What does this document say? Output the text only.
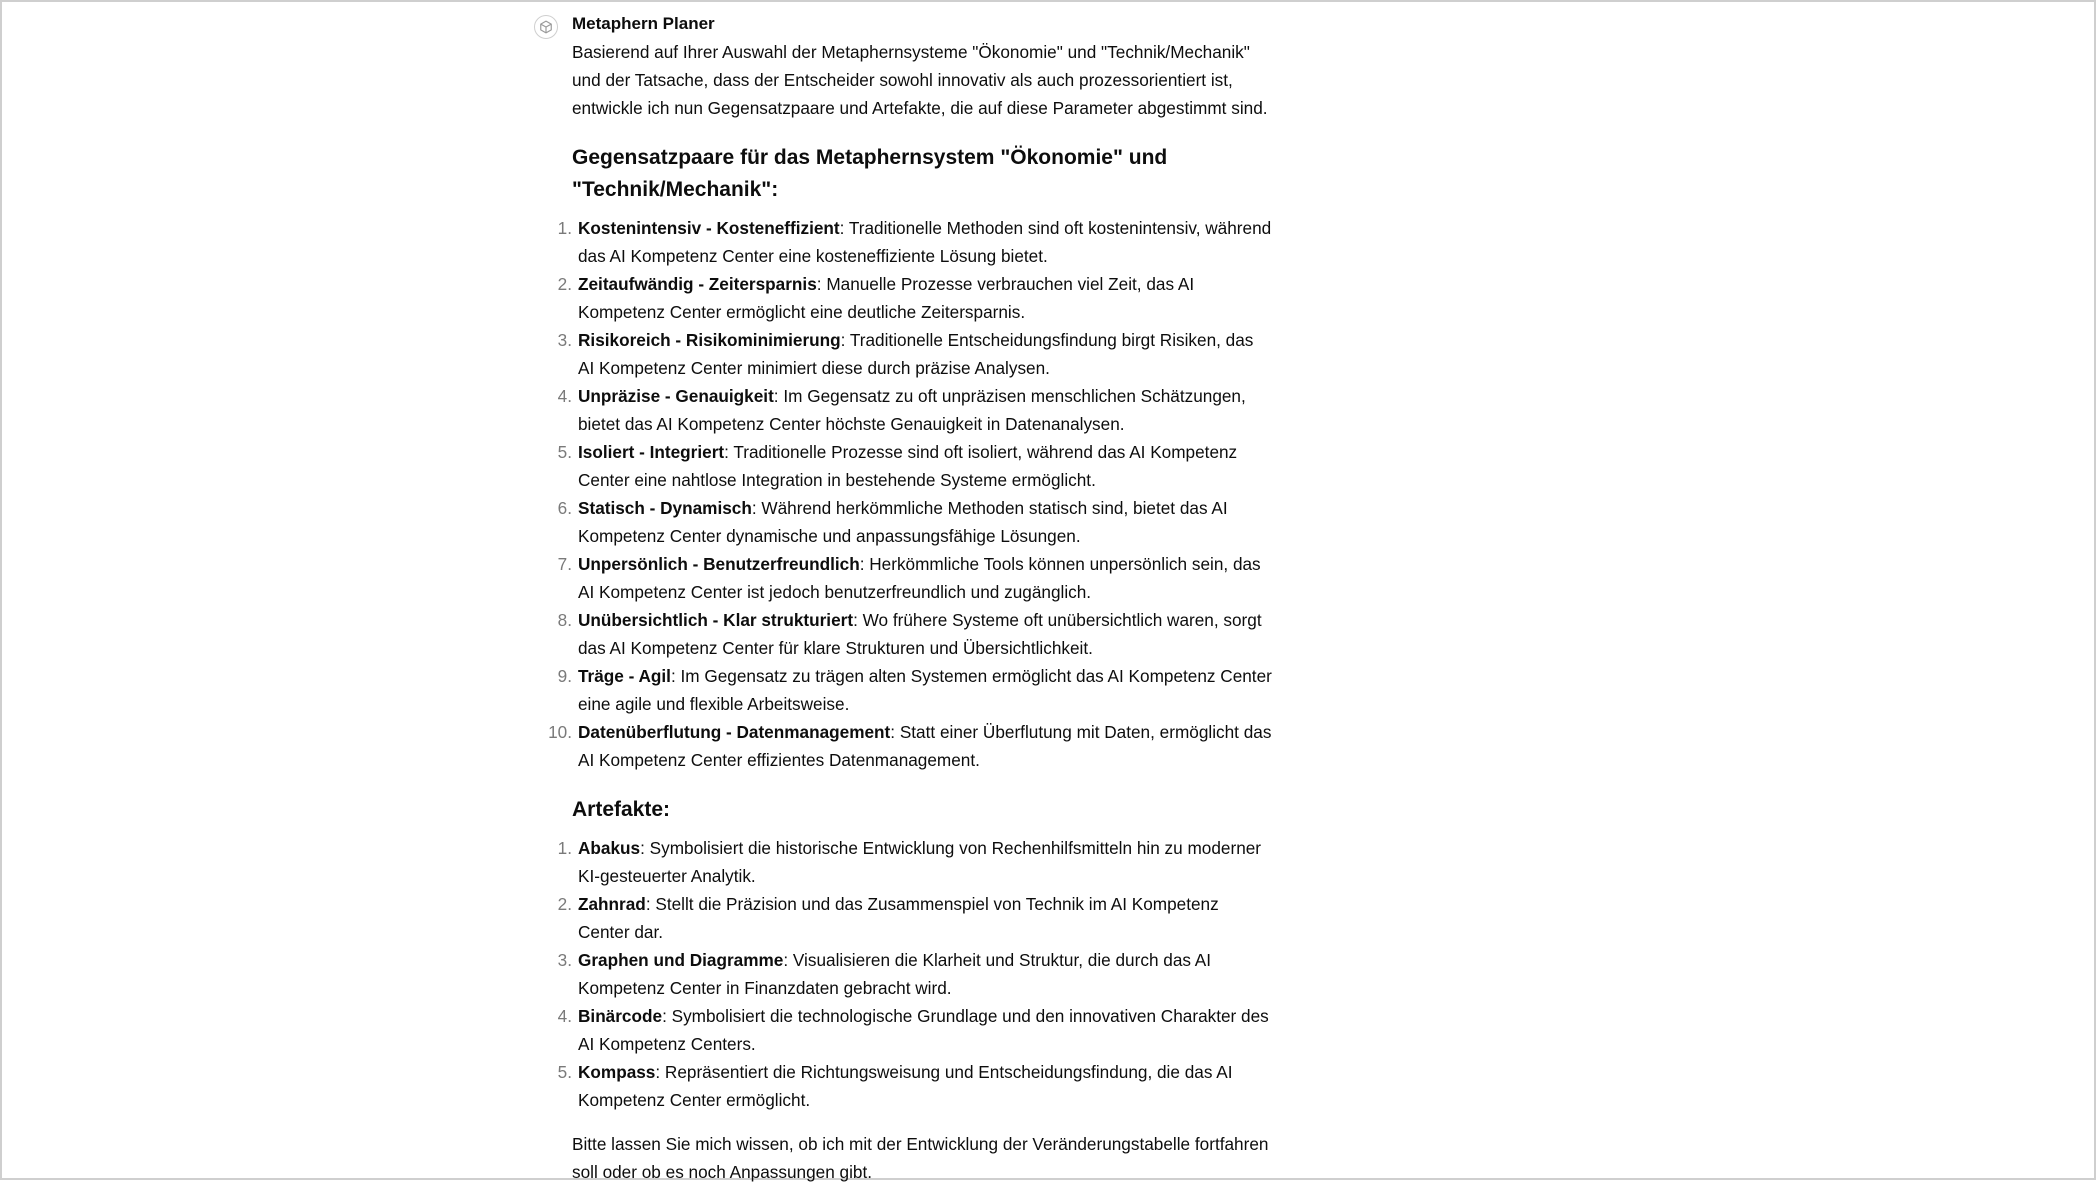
Metaphern Planer

Basierend auf Ihrer Auswahl der Metaphernsysteme "Ökonomie" und "Technik/Mechanik" und der Tatsache, dass der Entscheider sowohl innovativ als auch prozessorientiert ist, entwickle ich nun Gegensatzpaare und Artefakte, die auf diese Parameter abgestimmt sind.

Gegensatzpaare für das Metaphernsystem "Ökonomie" und "Technik/Mechanik":
1. Kostenintensiv - Kosteneffizient: Traditionelle Methoden sind oft kostenintensiv, während das AI Kompetenz Center eine kosteneffiziente Lösung bietet.
2. Zeitaufwändig - Zeitersparnis: Manuelle Prozesse verbrauchen viel Zeit, das AI Kompetenz Center ermöglicht eine deutliche Zeitersparnis.
3. Risikoreich - Risikominimierung: Traditionelle Entscheidungsfindung birgt Risiken, das AI Kompetenz Center minimiert diese durch präzise Analysen.
4. Unpräzise - Genauigkeit: Im Gegensatz zu oft unpräzisen menschlichen Schätzungen, bietet das AI Kompetenz Center höchste Genauigkeit in Datenanalysen.
5. Isoliert - Integriert: Traditionelle Prozesse sind oft isoliert, während das AI Kompetenz Center eine nahtlose Integration in bestehende Systeme ermöglicht.
6. Statisch - Dynamisch: Während herkömmliche Methoden statisch sind, bietet das AI Kompetenz Center dynamische und anpassungsfähige Lösungen.
7. Unpersönlich - Benutzerfreundlich: Herkömmliche Tools können unpersönlich sein, das AI Kompetenz Center ist jedoch benutzerfreundlich und zugänglich.
8. Unübersichtlich - Klar strukturiert: Wo frühere Systeme oft unübersichtlich waren, sorgt das AI Kompetenz Center für klare Strukturen und Übersichtlichkeit.
9. Träge - Agil: Im Gegensatz zu trägen alten Systemen ermöglicht das AI Kompetenz Center eine agile und flexible Arbeitsweise.
10. Datenüberflutung - Datenmanagement: Statt einer Überflutung mit Daten, ermöglicht das AI Kompetenz Center effizientes Datenmanagement.
Artefakte:
1. Abakus: Symbolisiert die historische Entwicklung von Rechenhilfsmitteln hin zu moderner KI-gesteuerter Analytik.
2. Zahnrad: Stellt die Präzision und das Zusammenspiel von Technik im AI Kompetenz Center dar.
3. Graphen und Diagramme: Visualisieren die Klarheit und Struktur, die durch das AI Kompetenz Center in Finanzdaten gebracht wird.
4. Binärcode: Symbolisiert die technologische Grundlage und den innovativen Charakter des AI Kompetenz Centers.
5. Kompass: Repräsentiert die Richtungsweisung und Entscheidungsfindung, die das AI Kompetenz Center ermöglicht.

Bitte lassen Sie mich wissen, ob ich mit der Entwicklung der Veränderungstabelle fortfahren soll oder ob es noch Anpassungen gibt.
